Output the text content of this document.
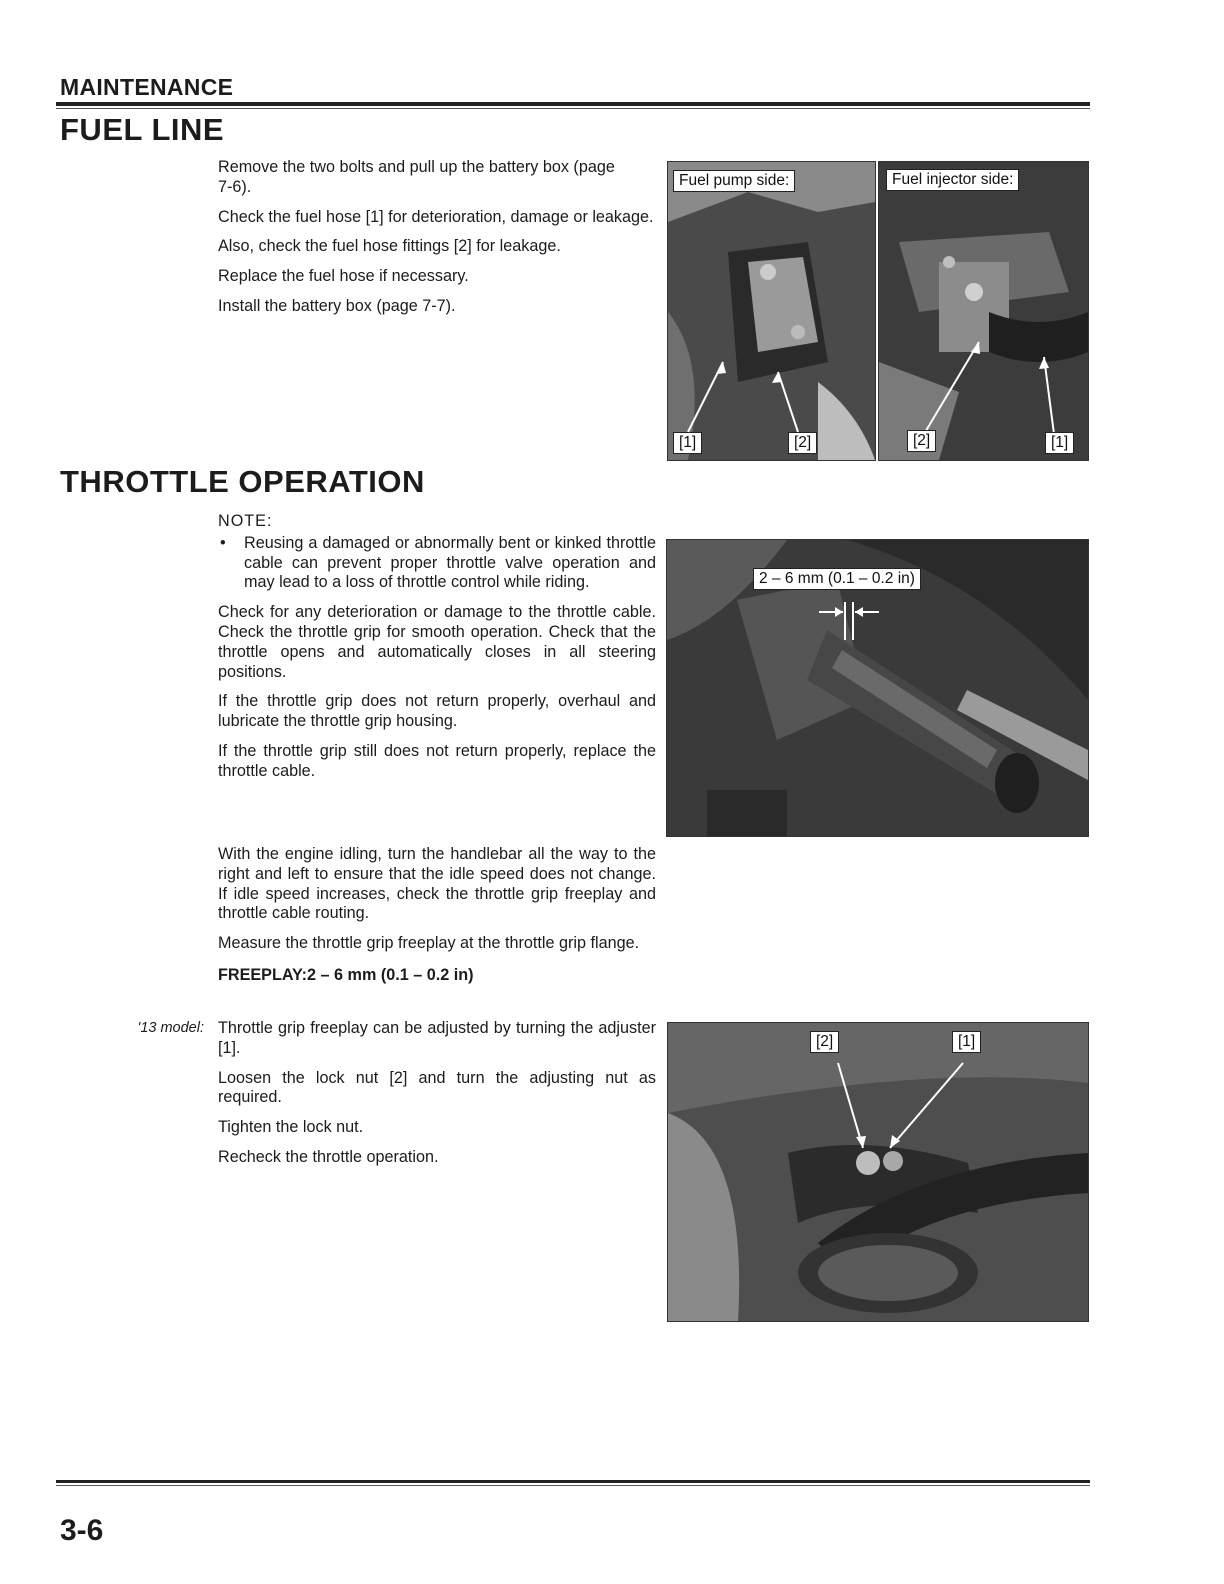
MAINTENANCE
FUEL LINE

Remove the two bolts and pull up the battery box (page 7-6).

Check the fuel hose [1] for deterioration, damage or leakage.

Also, check the fuel hose fittings [2] for leakage.

Replace the fuel hose if necessary.

Install the battery box (page 7-7).

Fuel pump side:
[1]	[2]
Fuel injector side:
[2]	[1]
THROTTLE OPERATION

NOTE:

•	Reusing a damaged or abnormally bent or kinked throttle cable can prevent proper throttle valve operation and may lead to a loss of throttle control while riding.

Check for any deterioration or damage to the throttle cable. Check the throttle grip for smooth operation. Check that the throttle opens and automatically closes in all steering positions.

If the throttle grip does not return properly, overhaul and lubricate the throttle grip housing.

If the throttle grip still does not return properly, replace the throttle cable.

2 – 6 mm (0.1 – 0.2 in)

With the engine idling, turn the handlebar all the way to the right and left to ensure that the idle speed does not change. If idle speed increases, check the throttle grip freeplay and throttle cable routing.

Measure the throttle grip freeplay at the throttle grip flange.

FREEPLAY:2 – 6 mm (0.1 – 0.2 in)

'13 model: Throttle grip freeplay can be adjusted by turning the adjuster [1].

Loosen the lock nut [2] and turn the adjusting nut as required.

Tighten the lock nut.

Recheck the throttle operation.

[2]	[1]
3-6
